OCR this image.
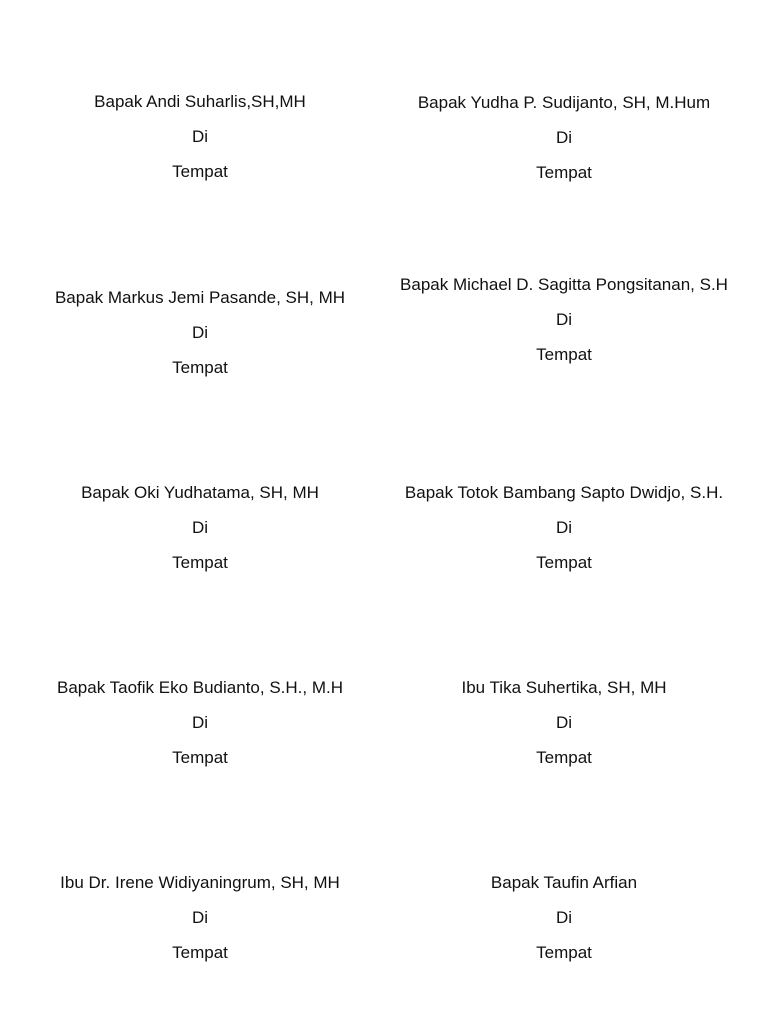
Bapak Andi Suharlis,SH,MH
Di
Tempat
Bapak Yudha P. Sudijanto, SH, M.Hum
Di
Tempat
Bapak Markus Jemi Pasande, SH, MH
Di
Tempat
Bapak Michael D. Sagitta Pongsitanan, S.H
Di
Tempat
Bapak Oki Yudhatama, SH, MH
Di
Tempat
Bapak Totok Bambang Sapto Dwidjo, S.H.
Di
Tempat
Bapak Taofik Eko Budianto, S.H., M.H
Di
Tempat
Ibu Tika Suhertika, SH, MH
Di
Tempat
Ibu Dr. Irene Widiyaningrum, SH, MH
Di
Tempat
Bapak Taufin Arfian
Di
Tempat
